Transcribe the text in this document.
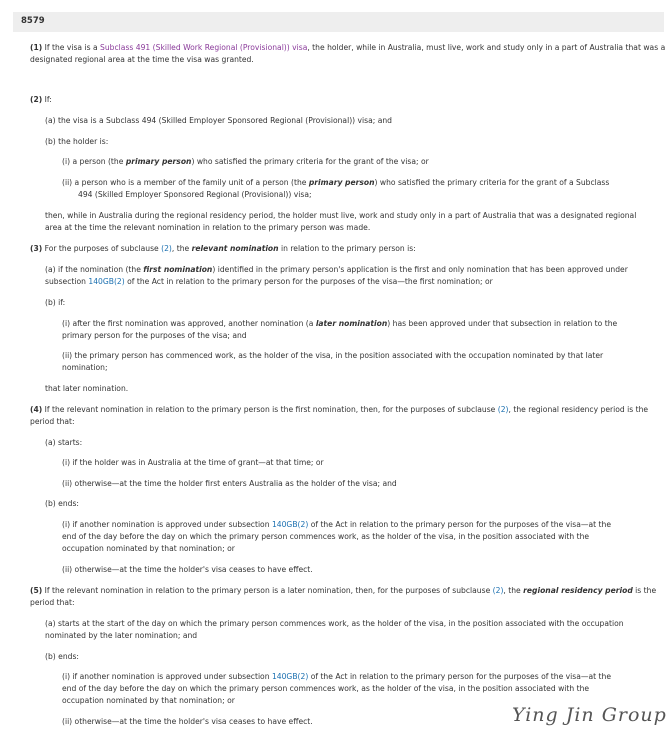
8579

(1) If the visa is a Subclass 491 (Skilled Work Regional (Provisional)) visa, the holder, while in Australia, must live, work and study only in a part of Australia that was a

designated regional area at the time the visa was granted.

(2) If:

(a) the visa is a Subclass 494 (Skilled Employer Sponsored Regional (Provisional)) visa; and

(b) the holder is:

(i) a person (the primary person) who satisfied the primary criteria for the grant of the visa; or

(ii) a person who is a member of the family unit of a person (the primary person) who satisfied the primary criteria for the grant of a Subclass

494 (Skilled Employer Sponsored Regional (Provisional)) visa;

then, while in Australia during the regional residency period, the holder must live, work and study only in a part of Australia that was a designated regional

area at the time the relevant nomination in relation to the primary person was made.

(3) For the purposes of subclause (2), the relevant nomination in relation to the primary person is:

(a) if the nomination (the first nomination) identified in the primary person's application is the first and only nomination that has been approved under

subsection 140GB(2) of the Act in relation to the primary person for the purposes of the visa—the first nomination; or

(b) if:

(i) after the first nomination was approved, another nomination (a later nomination) has been approved under that subsection in relation to the

primary person for the purposes of the visa; and

(ii) the primary person has commenced work, as the holder of the visa, in the position associated with the occupation nominated by that later

nomination;

that later nomination.

(4) If the relevant nomination in relation to the primary person is the first nomination, then, for the purposes of subclause (2), the regional residency period is the

period that:

(a) starts:

(i) if the holder was in Australia at the time of grant—at that time; or

(ii) otherwise—at the time the holder first enters Australia as the holder of the visa; and

(b) ends:

(i) if another nomination is approved under subsection 140GB(2) of the Act in relation to the primary person for the purposes of the visa—at the

end of the day before the day on which the primary person commences work, as the holder of the visa, in the position associated with the

occupation nominated by that nomination; or

(ii) otherwise—at the time the holder's visa ceases to have effect.

(5) If the relevant nomination in relation to the primary person is a later nomination, then, for the purposes of subclause (2), the regional residency period is the

period that:

(a) starts at the start of the day on which the primary person commences work, as the holder of the visa, in the position associated with the occupation

nominated by the later nomination; and

(b) ends:

(i) if another nomination is approved under subsection 140GB(2) of the Act in relation to the primary person for the purposes of the visa—at the

end of the day before the day on which the primary person commences work, as the holder of the visa, in the position associated with the

occupation nominated by that nomination; or

(ii) otherwise—at the time the holder's visa ceases to have effect.	Ying Jin Group
